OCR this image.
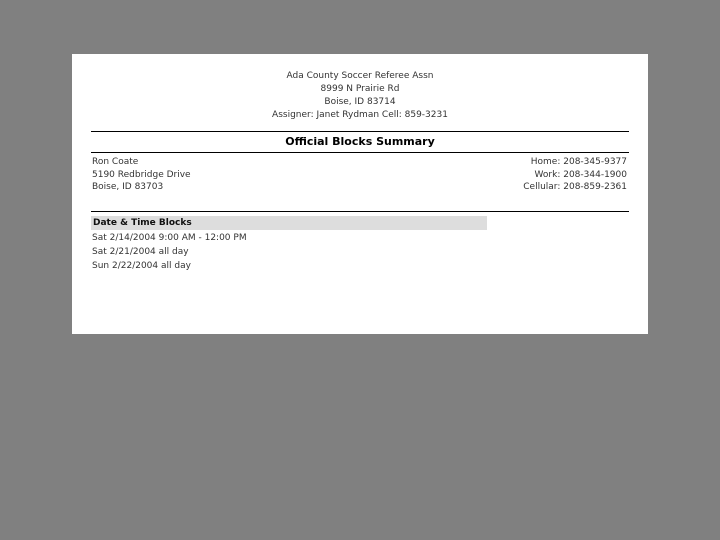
Ada County Soccer Referee Assn
8999 N Prairie Rd
Boise, ID 83714
Assigner: Janet Rydman Cell: 859-3231
Official Blocks Summary
Ron Coate
5190 Redbridge Drive
Boise, ID 83703
Home: 208-345-9377
Work: 208-344-1900
Cellular: 208-859-2361
Date & Time Blocks
Sat 2/14/2004 9:00 AM - 12:00 PM
Sat 2/21/2004 all day
Sun 2/22/2004 all day
